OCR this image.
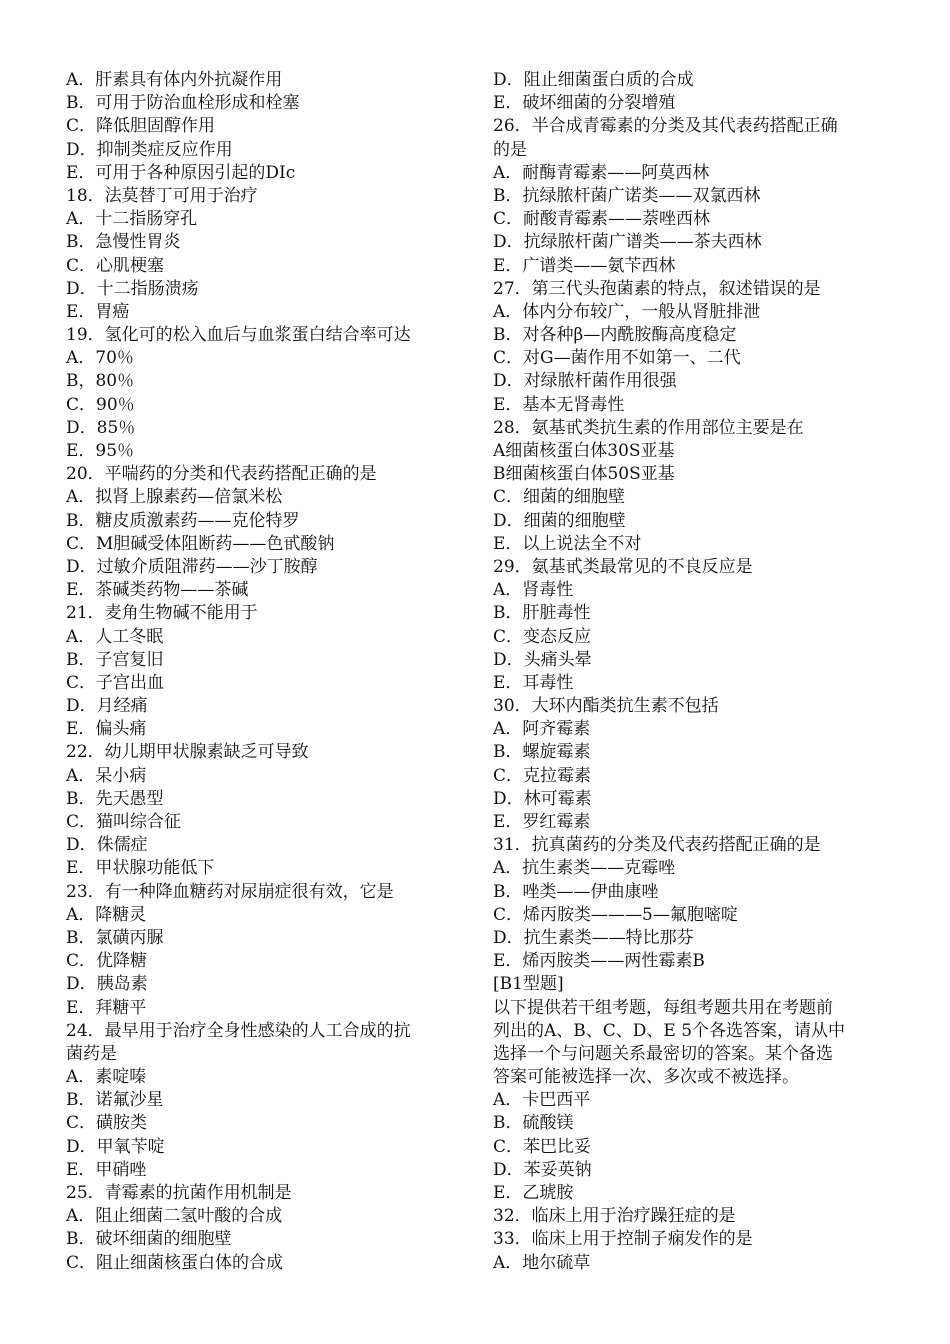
A．肝素具有体内外抗凝作用
B．可用于防治血栓形成和栓塞
C．降低胆固醇作用
D．抑制类症反应作用
E．可用于各种原因引起的DIc
18．法莫替丁可用于治疗
A．十二指肠穿孔
B．急慢性胃炎
C．心肌梗塞
D．十二指肠溃疡
E．胃癌
19．氢化可的松入血后与血浆蛋白结合率可达
A．70％
B，80％
C．90％
D．85％
E．95％
20．平喘药的分类和代表药搭配正确的是
A．拟肾上腺素药—倍氯米松
B．糖皮质激素药——克伦特罗
C．M胆碱受体阻断药——色甙酸钠
D．过敏介质阻滞药——沙丁胺醇
E．茶碱类药物——茶碱
21．麦角生物碱不能用于
A．人工冬眠
B．子宫复旧
C．子宫出血
D．月经痛
E．偏头痛
22．幼儿期甲状腺素缺乏可导致
A．呆小病
B．先天愚型
C．猫叫综合征
D．侏儒症
E．甲状腺功能低下
23．有一种降血糖药对尿崩症很有效，它是
A．降糖灵
B．氯磺丙脲
C．优降糖
D．胰岛素
E．拜糖平
24．最早用于治疗全身性感染的人工合成的抗
菌药是
A．素啶嗪
B．诺氟沙星
C．磺胺类
D．甲氧苄啶
E．甲硝唑
25．青霉素的抗菌作用机制是
A．阻止细菌二氢叶酸的合成
B．破坏细菌的细胞壁
C．阻止细菌核蛋白体的合成
D．阻止细菌蛋白质的合成
E．破坏细菌的分裂增殖
26．半合成青霉素的分类及其代表药搭配正确
的是
A．耐酶青霉素——阿莫西林
B．抗绿脓杆菌广诺类——双氯西林
C．耐酸青霉素——萘唑西林
D．抗绿脓杆菌广谱类——茶夫西林
E．广谱类——氨苄西林
27．第三代头孢菌素的特点，叙述错误的是
A．体内分布较广，一般从肾脏排泄
B．对各种β—内酰胺酶高度稳定
C．对G—菌作用不如第一、二代
D．对绿脓杆菌作用很强
E．基本无肾毒性
28．氨基甙类抗生素的作用部位主要是在
A细菌核蛋白体30S亚基
B细菌核蛋白体50S亚基
C．细菌的细胞壁
D．细菌的细胞壁
E．以上说法全不对
29．氨基甙类最常见的不良反应是
A．肾毒性
B．肝脏毒性
C．变态反应
D．头痛头晕
E．耳毒性
30．大环内酯类抗生素不包括
A．阿齐霉素
B．螺旋霉素
C．克拉霉素
D．林可霉素
E．罗红霉素
31．抗真菌药的分类及代表药搭配正确的是
A．抗生素类——克霉唑
B．唑类——伊曲康唑
C．烯丙胺类———5—氟胞嘧啶
D．抗生素类——特比那芬
E．烯丙胺类——两性霉素B
[B1型题]
以下提供若干组考题，每组考题共用在考题前
列出的A、B、C、D、E 5个各选答案，请从中
选择一个与问题关系最密切的答案。某个备选
答案可能被选择一次、多次或不被选择。
A．卡巴西平
B．硫酸镁
C．苯巴比妥
D．苯妥英钠
E．乙琥胺
32．临床上用于治疗躁狂症的是
33．临床上用于控制子痫发作的是
A．地尔硫草
